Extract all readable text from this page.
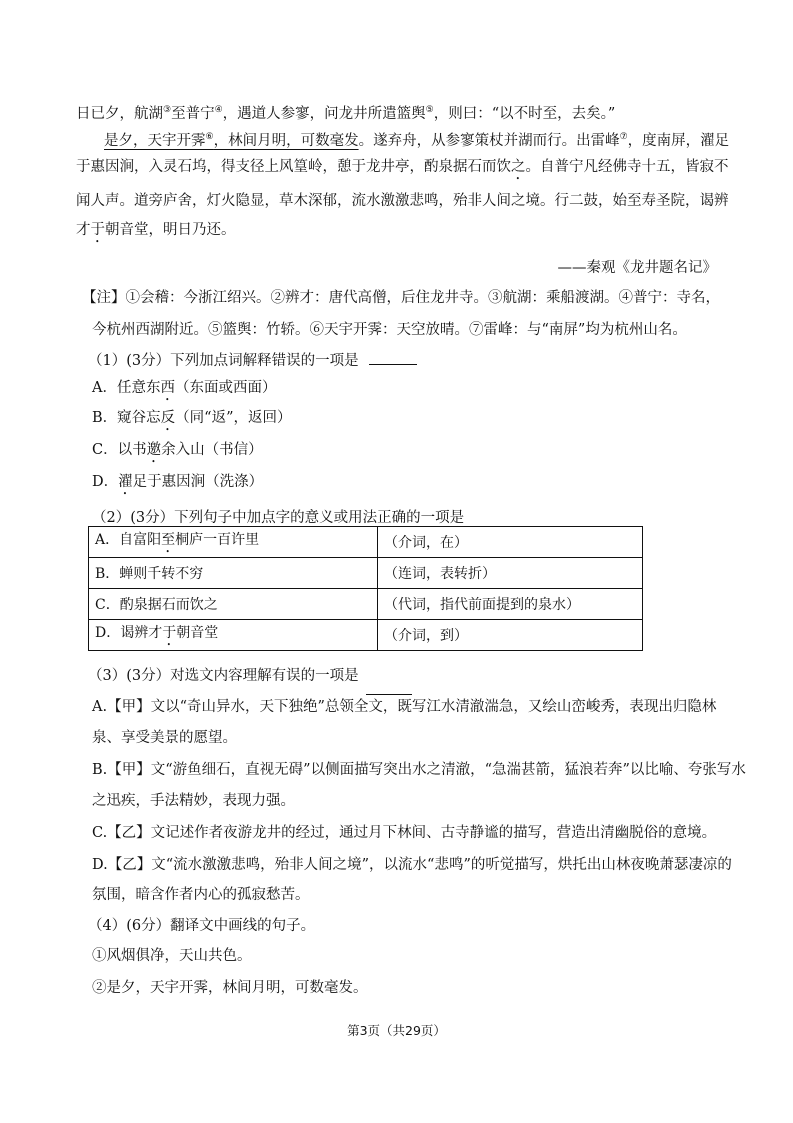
日已夕，航湖③至普宁④，遇道人参寥，问龙井所遣篮舆⑤，则曰：“以不时至，去矣。”
是夕，天宇开霁⑥，林间月明，可数毫发。遂弃舟，从参寥策杖并湖而行。出雷峰⑦，度南屏，濯足
于惠因涧，入灵石坞，得支径上风篁岭，憩于龙井亭，酌泉据石而饮之。自普宁凡经佛寺十五，皆寂不
闻人声。道旁庐舍，灯火隐显，草木深郁，流水激激悲鸣，殆非人间之境。行二鼓，始至寿圣院，谒辨
才于朝音堂，明日乃还。
——秦观《龙井题名记》
【注】①会稽：今浙江绍兴。②辨才：唐代高僧，后住龙井寺。③航湖：乘船渡湖。④普宁：寺名，
今杭州西湖附近。⑤篮舆：竹轿。⑥天宇开霁：天空放晴。⑦雷峰：与“南屏”均为杭州山名。
（1）(3分）下列加点词解释错误的一项是
A．任意东西（东面或西面）
B．窥谷忘反（同“返”，返回）
C．以书邀余入山（书信）
D．濯足于惠因涧（洗涤）
（2）(3分）下列句子中加点字的意义或用法正确的一项是
A．自富阳至桐庐一百许里	（介词，在）
B．蝉则千转不穷	（连词，表转折）
C．酌泉据石而饮之	（代词，指代前面提到的泉水）
D．谒辨才于朝音堂	（介词，到）
（3）(3分）对选文内容理解有误的一项是
A.【甲】文以“奇山异水，天下独绝”总领全文，既写江水清澈湍急，又绘山峦峻秀，表现出归隐林
泉、享受美景的愿望。
B.【甲】文“游鱼细石，直视无碍”以侧面描写突出水之清澈，“急湍甚箭，猛浪若奔”以比喻、夸张写水
之迅疾，手法精妙，表现力强。
C.【乙】文记述作者夜游龙井的经过，通过月下林间、古寺静谧的描写，营造出清幽脱俗的意境。
D.【乙】文“流水激激悲鸣，殆非人间之境”，以流水“悲鸣”的听觉描写，烘托出山林夜晚萧瑟凄凉的
氛围，暗含作者内心的孤寂愁苦。
（4）(6分）翻译文中画线的句子。
①风烟俱净，天山共色。
②是夕，天宇开霁，林间月明，可数毫发。
第3页（共29页）
